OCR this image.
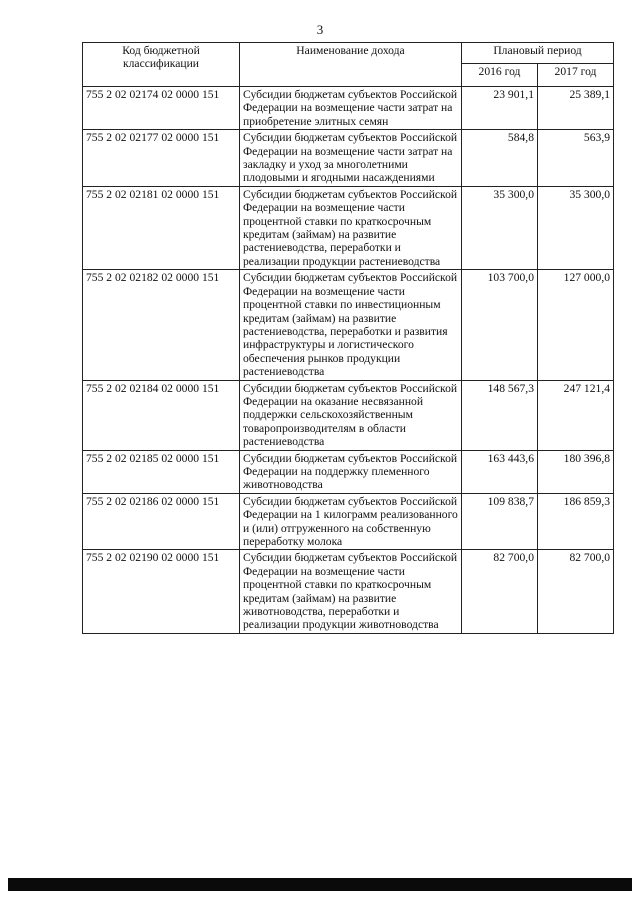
3
Код бюджетной классификации	Наименование дохода	Плановый период	
		2016 год	2017 год
755 2 02 02174 02 0000 151	Субсидии бюджетам субъектов Российской Федерации на возмещение части затрат на приобретение элитных семян	23 901,1	25 389,1
755 2 02 02177 02 0000 151	Субсидии бюджетам субъектов Российской Федерации на возмещение части затрат на закладку и уход за многолетними плодовыми и ягодными насаждениями	584,8	563,9
755 2 02 02181 02 0000 151	Субсидии бюджетам субъектов Российской Федерации на возмещение части процентной ставки по краткосрочным кредитам (займам) на развитие растениеводства, переработки и реализации продукции растениеводства	35 300,0	35 300,0
755 2 02 02182 02 0000 151	Субсидии бюджетам субъектов Российской Федерации на возмещение части процентной ставки по инвестиционным кредитам (займам) на развитие растениеводства, переработки и развития инфраструктуры и логистического обеспечения рынков продукции растениеводства	103 700,0	127 000,0
755 2 02 02184 02 0000 151	Субсидии бюджетам субъектов Российской Федерации на оказание несвязанной поддержки сельскохозяйственным товаропроизводителям в области растениеводства	148 567,3	247 121,4
755 2 02 02185 02 0000 151	Субсидии бюджетам субъектов Российской Федерации на поддержку племенного животноводства	163 443,6	180 396,8
755 2 02 02186 02 0000 151	Субсидии бюджетам субъектов Российской Федерации на 1 килограмм реализованного и (или) отгруженного на собственную переработку молока	109 838,7	186 859,3
755 2 02 02190 02 0000 151	Субсидии бюджетам субъектов Российской Федерации на возмещение части процентной ставки по краткосрочным кредитам (займам) на развитие животноводства, переработки и реализации продукции животноводства	82 700,0	82 700,0
